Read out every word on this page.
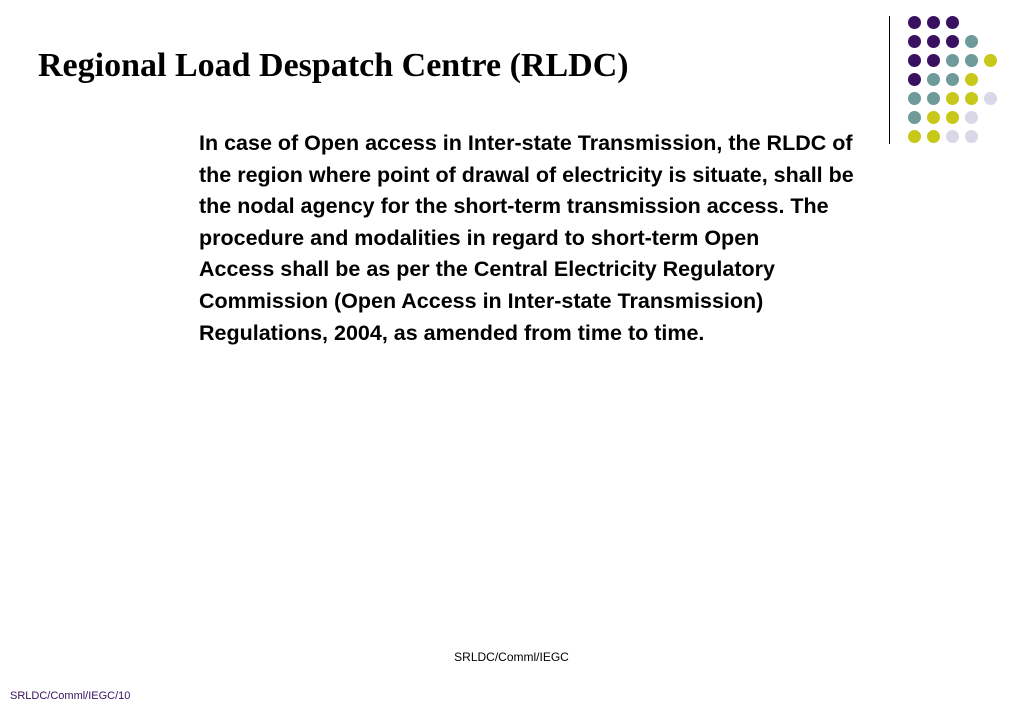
Regional Load Despatch Centre (RLDC)

In case of Open access in Inter-state Transmission, the RLDC of
the region where point of drawal of electricity is situate, shall be
the nodal agency for the short-term transmission access. The
procedure and modalities in regard to short-term Open
Access shall be as per the Central Electricity Regulatory
Commission (Open Access in Inter-state Transmission)
Regulations, 2004, as amended from time to time.

SRLDC/Comml/IEGC
SRLDC/Comml/IEGC/10
